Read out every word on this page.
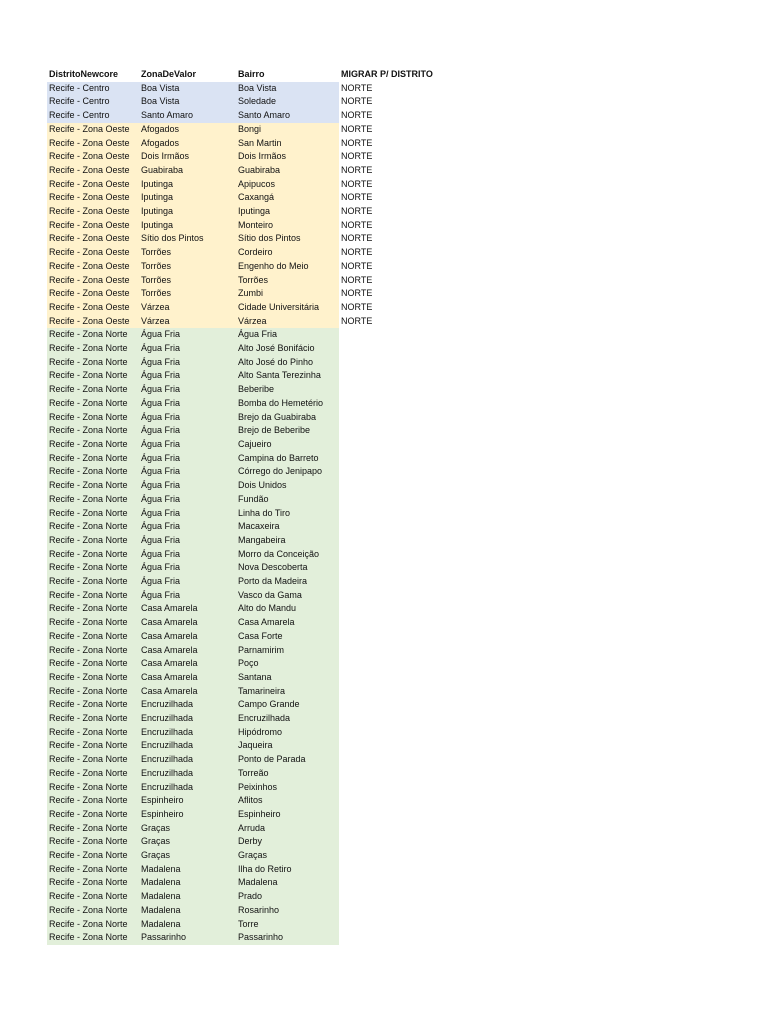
DistritoNewcore	ZonaDeValor	Bairro	MIGRAR P/ DISTRITO
Recife - Centro	Boa Vista	Boa Vista	NORTE
Recife - Centro	Boa Vista	Soledade	NORTE
Recife - Centro	Santo Amaro	Santo Amaro	NORTE
Recife - Zona Oeste	Afogados	Bongi	NORTE
Recife - Zona Oeste	Afogados	San Martin	NORTE
Recife - Zona Oeste	Dois Irmãos	Dois Irmãos	NORTE
Recife - Zona Oeste	Guabiraba	Guabiraba	NORTE
Recife - Zona Oeste	Iputinga	Apipucos	NORTE
Recife - Zona Oeste	Iputinga	Caxangá	NORTE
Recife - Zona Oeste	Iputinga	Iputinga	NORTE
Recife - Zona Oeste	Iputinga	Monteiro	NORTE
Recife - Zona Oeste	Sítio dos Pintos	Sítio dos Pintos	NORTE
Recife - Zona Oeste	Torrões	Cordeiro	NORTE
Recife - Zona Oeste	Torrões	Engenho do Meio	NORTE
Recife - Zona Oeste	Torrões	Torrões	NORTE
Recife - Zona Oeste	Torrões	Zumbi	NORTE
Recife - Zona Oeste	Várzea	Cidade Universitária	NORTE
Recife - Zona Oeste	Várzea	Várzea	NORTE
Recife - Zona Norte	Água Fria	Água Fria	
Recife - Zona Norte	Água Fria	Alto José Bonifácio	
Recife - Zona Norte	Água Fria	Alto José do Pinho	
Recife - Zona Norte	Água Fria	Alto Santa Terezinha	
Recife - Zona Norte	Água Fria	Beberibe	
Recife - Zona Norte	Água Fria	Bomba do Hemetério	
Recife - Zona Norte	Água Fria	Brejo da Guabiraba	
Recife - Zona Norte	Água Fria	Brejo de Beberibe	
Recife - Zona Norte	Água Fria	Cajueiro	
Recife - Zona Norte	Água Fria	Campina do Barreto	
Recife - Zona Norte	Água Fria	Córrego do Jenipapo	
Recife - Zona Norte	Água Fria	Dois Unidos	
Recife - Zona Norte	Água Fria	Fundão	
Recife - Zona Norte	Água Fria	Linha do Tiro	
Recife - Zona Norte	Água Fria	Macaxeira	
Recife - Zona Norte	Água Fria	Mangabeira	
Recife - Zona Norte	Água Fria	Morro da Conceição	
Recife - Zona Norte	Água Fria	Nova Descoberta	
Recife - Zona Norte	Água Fria	Porto da Madeira	
Recife - Zona Norte	Água Fria	Vasco da Gama	
Recife - Zona Norte	Casa Amarela	Alto do Mandu	
Recife - Zona Norte	Casa Amarela	Casa Amarela	
Recife - Zona Norte	Casa Amarela	Casa Forte	
Recife - Zona Norte	Casa Amarela	Parnamirim	
Recife - Zona Norte	Casa Amarela	Poço	
Recife - Zona Norte	Casa Amarela	Santana	
Recife - Zona Norte	Casa Amarela	Tamarineira	
Recife - Zona Norte	Encruzilhada	Campo Grande	
Recife - Zona Norte	Encruzilhada	Encruzilhada	
Recife - Zona Norte	Encruzilhada	Hipódromo	
Recife - Zona Norte	Encruzilhada	Jaqueira	
Recife - Zona Norte	Encruzilhada	Ponto de Parada	
Recife - Zona Norte	Encruzilhada	Torreão	
Recife - Zona Norte	Encruzilhada	Peixinhos	
Recife - Zona Norte	Espinheiro	Aflitos	
Recife - Zona Norte	Espinheiro	Espinheiro	
Recife - Zona Norte	Graças	Arruda	
Recife - Zona Norte	Graças	Derby	
Recife - Zona Norte	Graças	Graças	
Recife - Zona Norte	Madalena	Ilha do Retiro	
Recife - Zona Norte	Madalena	Madalena	
Recife - Zona Norte	Madalena	Prado	
Recife - Zona Norte	Madalena	Rosarinho	
Recife - Zona Norte	Madalena	Torre	
Recife - Zona Norte	Passarinho	Passarinho	
